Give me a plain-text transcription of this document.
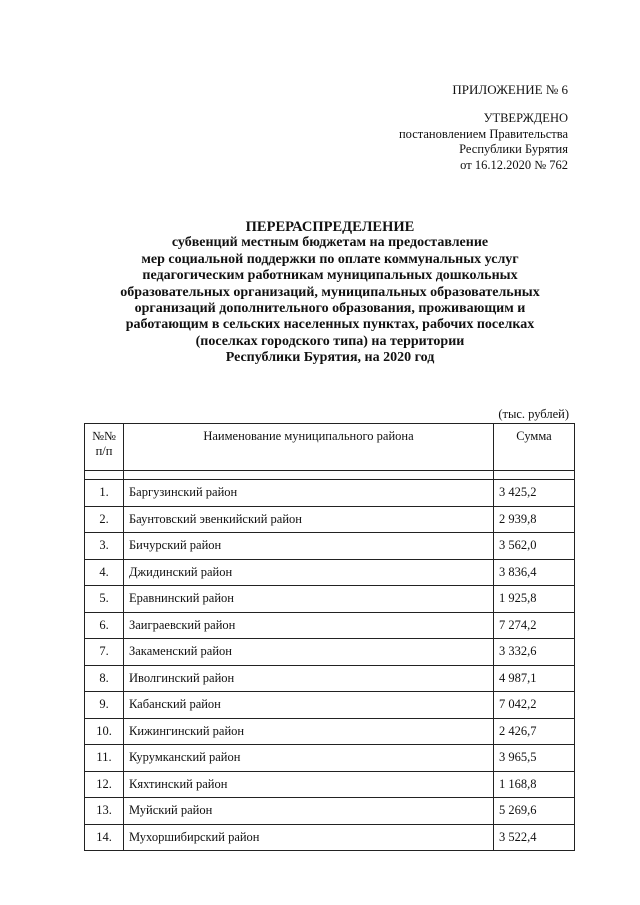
ПРИЛОЖЕНИЕ № 6
УТВЕРЖДЕНО
постановлением Правительства
Республики Бурятия
от 16.12.2020 № 762
ПЕРЕРАСПРЕДЕЛЕНИЕ
субвенций местным бюджетам на предоставление
мер социальной поддержки по оплате коммунальных услуг
педагогическим работникам муниципальных дошкольных
образовательных организаций, муниципальных образовательных
организаций дополнительного образования, проживающим и
работающим в сельских населенных пунктах, рабочих поселках
(поселках городского типа) на территории
Республики Бурятия, на 2020 год
(тыс. рублей)
№№
п/п	Наименование муниципального района	Сумма

1.	Баргузинский район	3 425,2
2.	Баунтовский эвенкийский район	2 939,8
3.	Бичурский район	3 562,0
4.	Джидинский район	3 836,4
5.	Еравнинский район	1 925,8
6.	Заиграевский район	7 274,2
7.	Закаменский район	3 332,6
8.	Иволгинский район	4 987,1
9.	Кабанский район	7 042,2
10.	Кижингинский район	2 426,7
11.	Курумканский район	3 965,5
12.	Кяхтинский район	1 168,8
13.	Муйский район	5 269,6
14.	Мухоршибирский район	3 522,4
